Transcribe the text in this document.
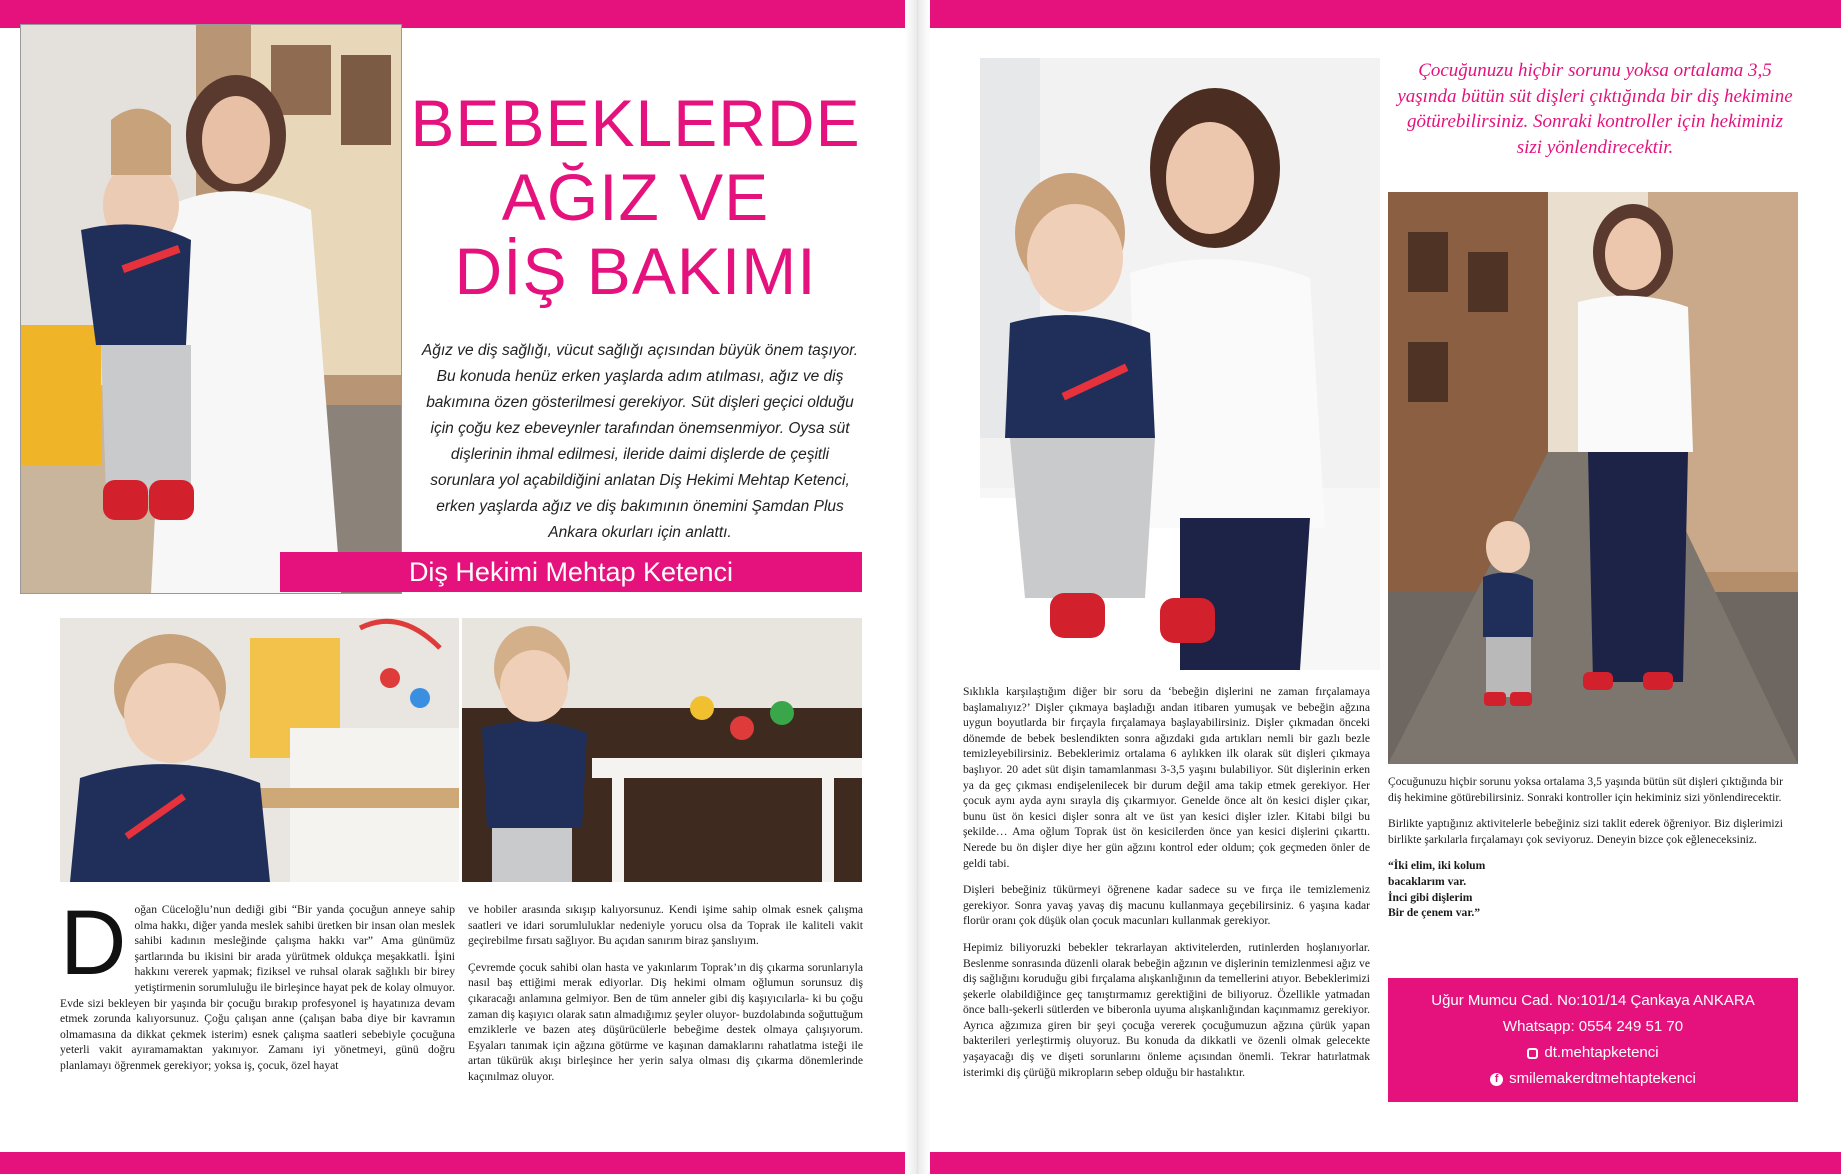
BEBEKLERDE
AĞIZ VE
DİŞ BAKIMI
Ağız ve diş sağlığı, vücut sağlığı açısından büyük önem taşıyor. Bu konuda henüz erken yaşlarda adım atılması, ağız ve diş bakımına özen gösterilmesi gerekiyor. Süt dişleri geçici olduğu için çoğu kez ebeveynler tarafından önemsenmiyor. Oysa süt dişlerinin ihmal edilmesi, ileride daimi dişlerde de çeşitli sorunlara yol açabildiğini anlatan Diş Hekimi Mehtap Ketenci, erken yaşlarda ağız ve diş bakımının önemini Şamdan Plus Ankara okurları için anlattı.
Diş Hekimi Mehtap Ketenci
D oğan Cüceloğlu’nun dediği gibi “Bir yanda çocuğun anneye sahip olma hakkı, diğer yanda meslek sahibi üretken bir insan olan meslek sahibi kadının mesleğinde çalışma hakkı var” Ama günümüz şartlarında bu ikisini bir arada yürütmek oldukça meşakkatli. İşini hakkını vererek yapmak; fiziksel ve ruhsal olarak sağlıklı bir birey yetiştirmenin sorumluluğu ile birleşince hayat pek de kolay olmuyor. Evde sizi bekleyen bir yaşında bir çocuğu bırakıp profesyonel iş hayatınıza devam etmek zorunda kalıyorsunuz. Çoğu çalışan anne (çalışan baba diye bir kavramın olmamasına da dikkat çekmek isterim) esnek çalışma saatleri sebebiyle çocuğuna yeterli vakit ayıramamaktan yakınıyor. Zamanı iyi yönetmeyi, günü doğru planlamayı öğrenmek gerekiyor; yoksa iş, çocuk, özel hayat

ve hobiler arasında sıkışıp kalıyorsunuz. Kendi işime sahip olmak esnek çalışma saatleri ve idari sorumluluklar nedeniyle yorucu olsa da Toprak ile kaliteli vakit geçirebilme fırsatı sağlıyor. Bu açıdan sanırım biraz şanslıyım.

Çevremde çocuk sahibi olan hasta ve yakınlarım Toprak’ın diş çıkarma sorunlarıyla nasıl baş ettiğimi merak ediyorlar. Diş hekimi olmam oğlumun sorunsuz diş çıkaracağı anlamına gelmiyor. Ben de tüm anneler gibi diş kaşıyıcılarla- ki bu çoğu zaman diş kaşıyıcı olarak satın almadığımız şeyler oluyor- buzdolabında soğuttuğum emziklerle ve bazen ateş düşürücülerle bebeğime destek olmaya çalışıyorum. Eşyaları tanımak için ağzına götürme ve kaşınan damaklarını rahatlatma isteği ile artan tükürük akışı birleşince her yerin salya olması diş çıkarma dönemlerinde kaçınılmaz oluyor.

Çocuğunuzu hiçbir sorunu yoksa ortalama 3,5 yaşında bütün süt dişleri çıktığında bir diş hekimine götürebilirsiniz. Sonraki kontroller için hekiminiz sizi yönlendirecektir.

Sıklıkla karşılaştığım diğer bir soru da ‘bebeğin dişlerini ne zaman fırçalamaya başlamalıyız?’ Dişler çıkmaya başladığı andan itibaren yumuşak ve bebeğin ağzına uygun boyutlarda bir fırçayla fırçalamaya başlayabilirsiniz. Dişler çıkmadan önceki dönemde de bebek beslendikten sonra ağızdaki gıda artıkları nemli bir gazlı bezle temizleyebilirsiniz. Bebeklerimiz ortalama 6 aylıkken ilk olarak süt dişleri çıkmaya başlıyor. 20 adet süt dişin tamamlanması 3-3,5 yaşını bulabiliyor. Süt dişlerinin erken ya da geç çıkması endişelenilecek bir durum değil ama takip etmek gerekiyor. Her çocuk aynı ayda aynı sırayla diş çıkarmıyor. Genelde önce alt ön kesici dişler çıkar, bunu üst ön kesici dişler sonra alt ve üst yan kesici dişler izler. Kitabi bilgi bu şekilde… Ama oğlum Toprak üst ön kesicilerden önce yan kesici dişlerini çıkarttı. Nerede bu ön dişler diye her gün ağzını kontrol eder oldum; çok geçmeden önler de geldi tabi.

Dişleri bebeğiniz tükürmeyi öğrenene kadar sadece su ve fırça ile temizlemeniz gerekiyor. Sonra yavaş yavaş diş macunu kullanmaya geçebilirsiniz. 6 yaşına kadar florür oranı çok düşük olan çocuk macunları kullanmak gerekiyor.

Hepimiz biliyoruzki bebekler tekrarlayan aktivitelerden, rutinlerden hoşlanıyorlar. Beslenme sonrasında düzenli olarak bebeğin ağzının ve dişlerinin temizlenmesi ağız ve diş sağlığını koruduğu gibi fırçalama alışkanlığının da temellerini atıyor. Bebeklerimizi şekerle olabildiğince geç tanıştırmamız gerektiğini de biliyoruz. Özellikle yatmadan önce ballı-şekerli sütlerden ve biberonla uyuma alışkanlığından kaçınmamız gerekiyor. Ayrıca ağzımıza giren bir şeyi çocuğa vererek çocuğumuzun ağzına çürük yapan bakterileri yerleştirmiş oluyoruz. Bu konuda da dikkatli ve özenli olmak gelecekte yaşayacağı diş ve dişeti sorunlarını önleme açısından önemli. Tekrar hatırlatmak isterimki diş çürüğü mikropların sebep olduğu bir hastalıktır.

Çocuğunuzu hiçbir sorunu yoksa ortalama 3,5 yaşında bütün süt dişleri çıktığında bir diş hekimine götürebilirsiniz. Sonraki kontroller için hekiminiz sizi yönlendirecektir.

Birlikte yaptığınız aktivitelerle bebeğiniz sizi taklit ederek öğreniyor. Biz dişlerimizi birlikte şarkılarla fırçalamayı çok seviyoruz. Deneyin bizce çok eğleneceksiniz.

“İki elim, iki kolum
bacaklarım var.
İnci gibi dişlerim
Bir de çenem var.”
Uğur Mumcu Cad. No:101/14 Çankaya ANKARA
Whatsapp: 0554 249 51 70
dt.mehtapketenci
f smilemakerdtmehtaptekenci
